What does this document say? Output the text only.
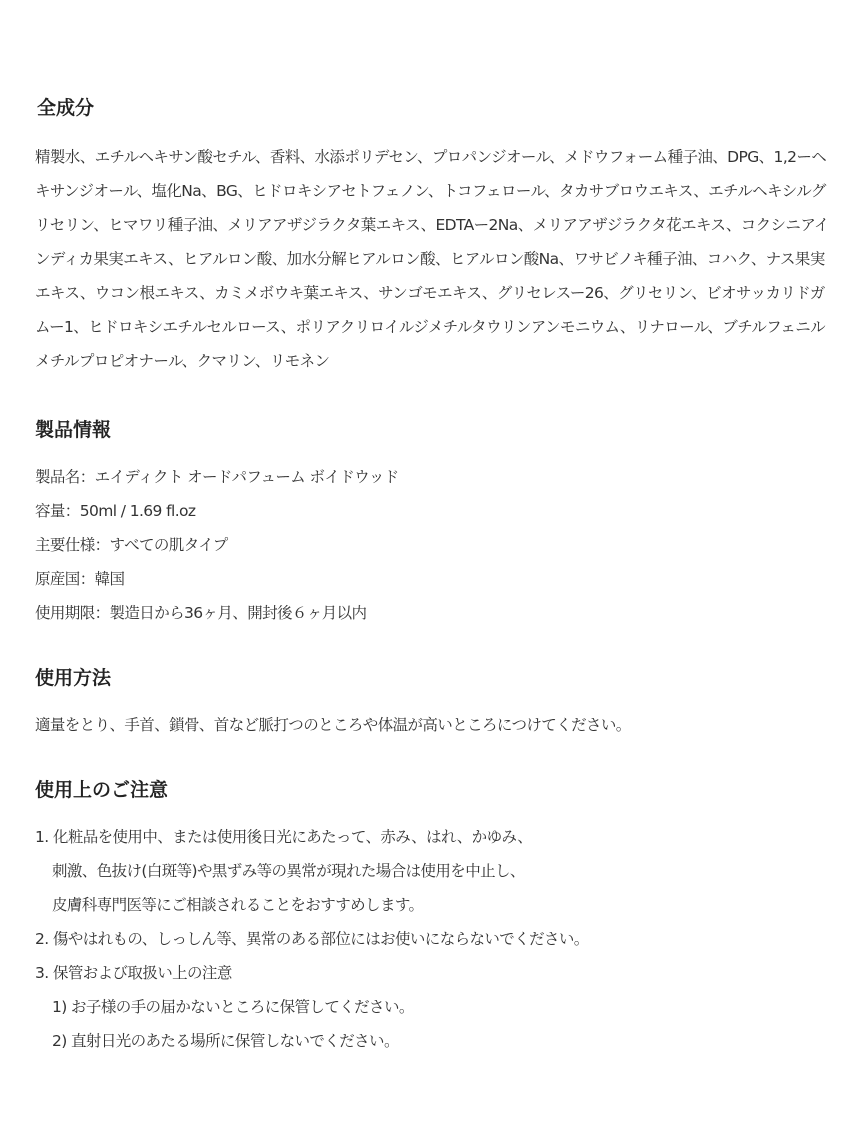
全成分

精製水、エチルヘキサン酸セチル、香料、水添ポリデセン、プロパンジオール、メドウフォーム種子油、DPG、1,2ーヘキサンジオール、塩化Na、BG、ヒドロキシアセトフェノン、トコフェロール、タカサブロウエキス、エチルヘキシルグリセリン、ヒマワリ種子油、メリアアザジラクタ葉エキス、EDTAー2Na、メリアアザジラクタ花エキス、コクシニアインディカ果実エキス、ヒアルロン酸、加水分解ヒアルロン酸、ヒアルロン酸Na、ワサビノキ種子油、コハク、ナス果実エキス、ウコン根エキス、カミメボウキ葉エキス、サンゴモエキス、グリセレスー26、グリセリン、ビオサッカリドガムー1、ヒドロキシエチルセルロース、ポリアクリロイルジメチルタウリンアンモニウム、リナロール、ブチルフェニルメチルプロピオナール、クマリン、リモネン

製品情報
製品名：エイディクト オードパフューム ボイドウッド
容量：50ml / 1.69 fl.oz
主要仕様：すべての肌タイプ
原産国：韓国
使用期限：製造日から36ヶ月、開封後６ヶ月以内
使用方法

適量をとり、手首、鎖骨、首など脈打つのところや体温が高いところにつけてください。

使用上のご注意
1. 化粧品を使用中、または使用後日光にあたって、赤み、はれ、かゆみ、
刺激、色抜け(白斑等)や黒ずみ等の異常が現れた場合は使用を中止し、
皮膚科専門医等にご相談されることをおすすめします。
2. 傷やはれもの、しっしん等、異常のある部位にはお使いにならないでください。
3. 保管および取扱い上の注意
1) お子様の手の届かないところに保管してください。
2) 直射日光のあたる場所に保管しないでください。
